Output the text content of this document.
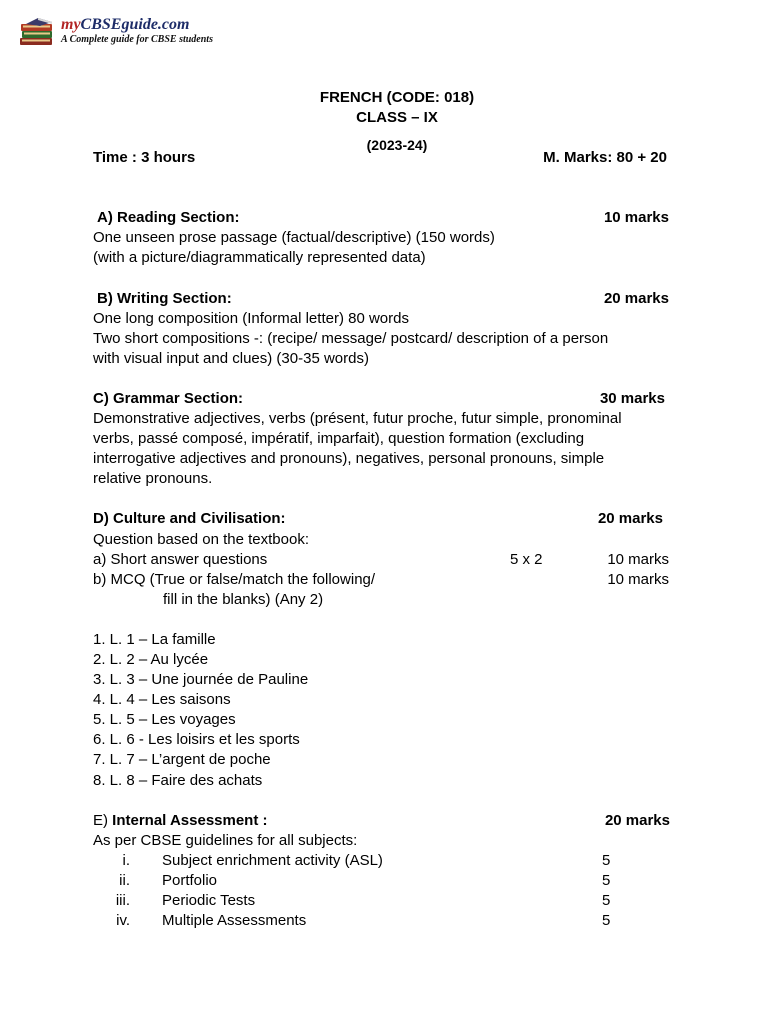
myCBSEguide.com
A Complete guide for CBSE students
FRENCH (CODE: 018)
CLASS – IX
(2023-24)
Time : 3 hours	M. Marks: 80 + 20
A) Reading Section:	10 marks
One unseen prose passage (factual/descriptive) (150 words)
(with a picture/diagrammatically represented data)
B) Writing Section:	20 marks
One long composition (Informal letter) 80 words
Two short compositions -: (recipe/ message/ postcard/ description of a person
with visual input and clues) (30-35 words)
C) Grammar Section:	30 marks
Demonstrative adjectives, verbs (présent, futur proche, futur simple, pronominal
verbs, passé composé, impératif, imparfait), question formation (excluding
interrogative adjectives and pronouns), negatives, personal pronouns, simple
relative pronouns.
D) Culture and Civilisation:	20 marks
Question based on the textbook:
a) Short answer questions	5 x 2	10 marks
b) MCQ (True or false/match the following/	10 marks
fill in the blanks) (Any 2)
1. L. 1 – La famille
2. L. 2 – Au lycée
3. L. 3 – Une journée de Pauline
4. L. 4 – Les saisons
5. L. 5 – Les voyages
6. L. 6 - Les loisirs et les sports
7. L. 7 – L’argent de poche
8. L. 8 – Faire des achats
E) Internal Assessment :	20 marks
As per CBSE guidelines for all subjects:
i. Subject enrichment activity (ASL)	5
ii. Portfolio	5
iii. Periodic Tests	5
iv. Multiple Assessments	5
